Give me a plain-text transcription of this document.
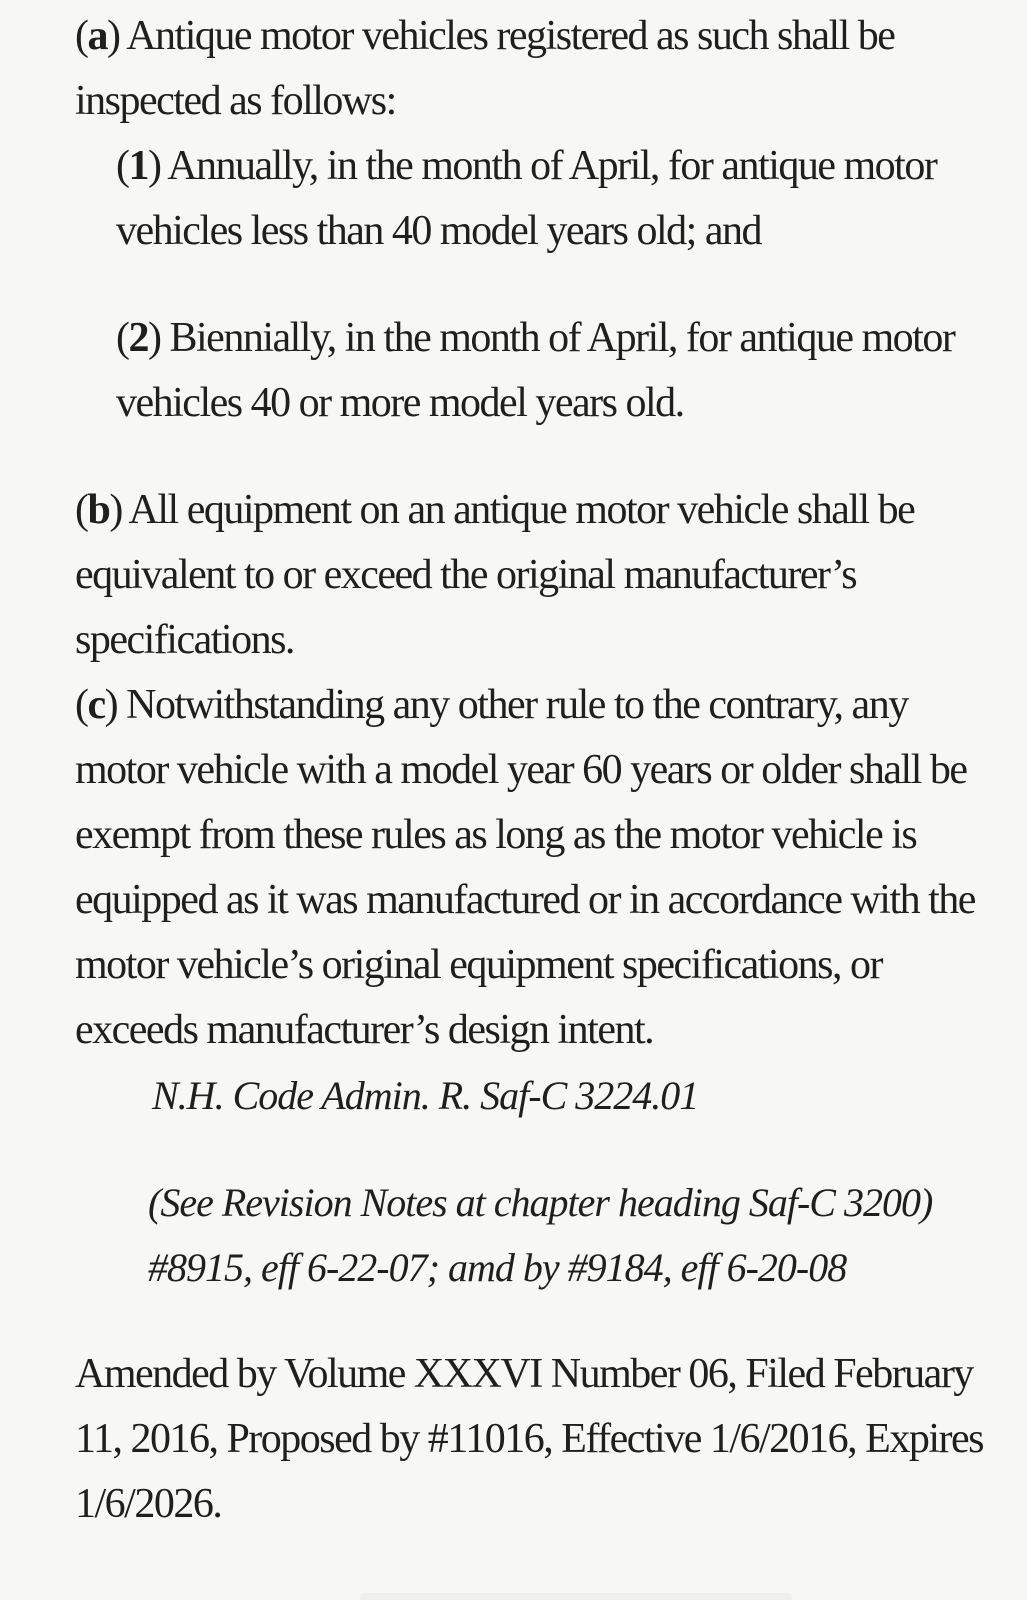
(a) Antique motor vehicles registered as such shall be inspected as follows:

(1) Annually, in the month of April, for antique motor vehicles less than 40 model years old; and

(2) Biennially, in the month of April, for antique motor vehicles 40 or more model years old.

(b) All equipment on an antique motor vehicle shall be equivalent to or exceed the original manufacturer’s specifications.

(c) Notwithstanding any other rule to the contrary, any motor vehicle with a model year 60 years or older shall be exempt from these rules as long as the motor vehicle is equipped as it was manufactured or in accordance with the motor vehicle’s original equipment specifications, or exceeds manufacturer’s design intent.

N.H. Code Admin. R. Saf-C 3224.01

(See Revision Notes at chapter heading Saf-C 3200)

#8915, eff 6-22-07; amd by #9184, eff 6-20-08

Amended by Volume XXXVI Number 06, Filed February 11, 2016, Proposed by #11016, Effective 1/6/2016, Expires 1/6/2026.
